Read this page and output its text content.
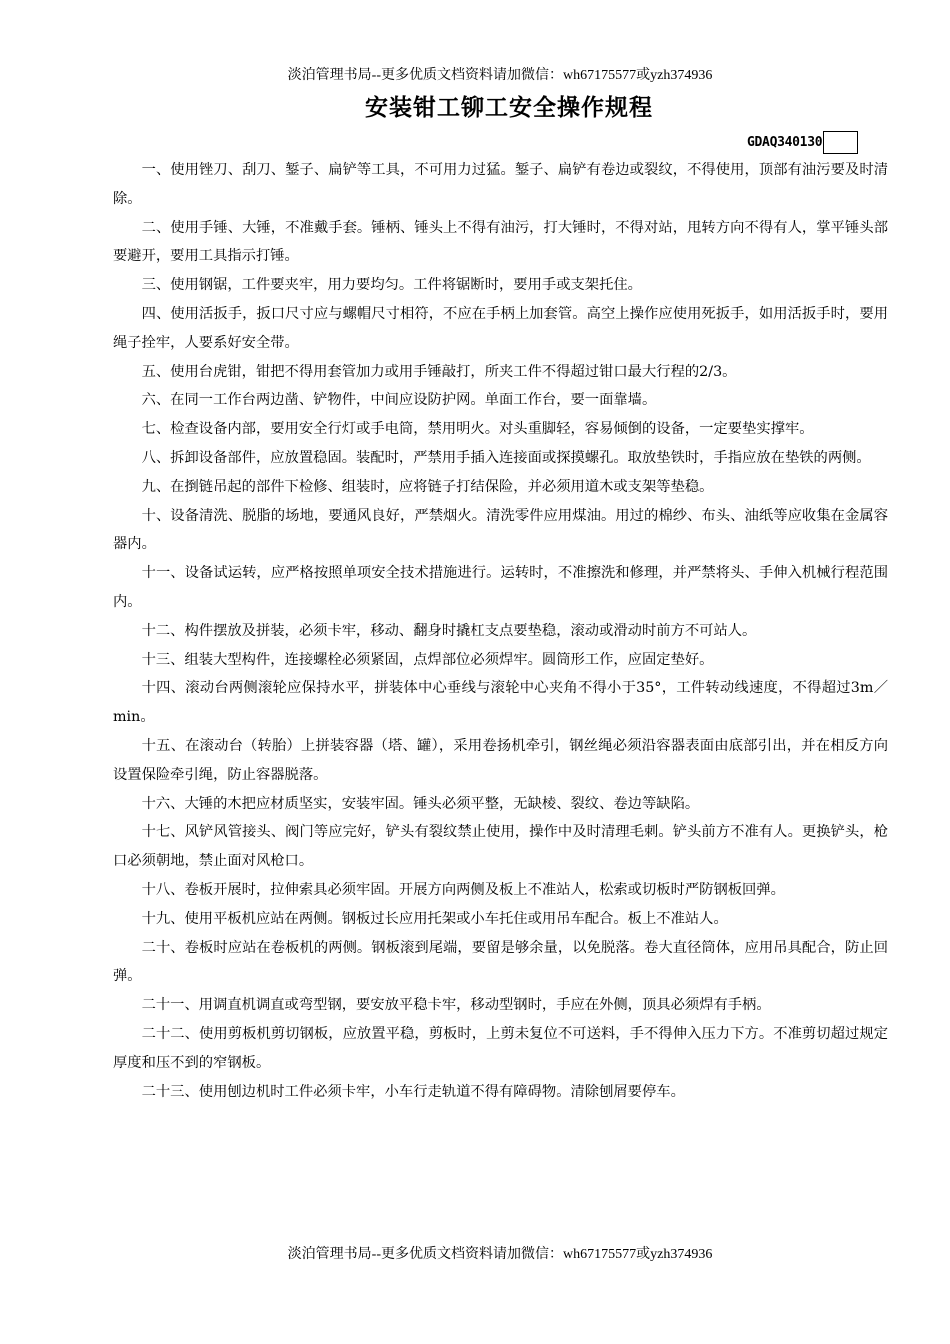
淡泊管理书局--更多优质文档资料请加微信：wh67175577或yzh374936
安装钳工铆工安全操作规程
GDAQ340130

一、使用锉刀、刮刀、錾子、扁铲等工具，不可用力过猛。錾子、扁铲有卷边或裂纹，不得使用，顶部有油污要及时清除。

二、使用手锤、大锤，不准戴手套。锤柄、锤头上不得有油污，打大锤时，不得对站，甩转方向不得有人，掌平锤头部要避开，要用工具指示打锤。

三、使用钢锯，工件要夹牢，用力要均匀。工件将锯断时，要用手或支架托住。

四、使用活扳手，扳口尺寸应与螺帽尺寸相符，不应在手柄上加套管。高空上操作应使用死扳手，如用活扳手时，要用绳子拴牢，人要系好安全带。

五、使用台虎钳，钳把不得用套管加力或用手锤敲打，所夹工件不得超过钳口最大行程的2/3。

六、在同一工作台两边凿、铲物件，中间应设防护网。单面工作台，要一面靠墙。

七、检查设备内部，要用安全行灯或手电筒，禁用明火。对头重脚轻，容易倾倒的设备，一定要垫实撑牢。

八、拆卸设备部件，应放置稳固。装配时，严禁用手插入连接面或探摸螺孔。取放垫铁时，手指应放在垫铁的两侧。

九、在捯链吊起的部件下检修、组装时，应将链子打结保险，并必须用道木或支架等垫稳。

十、设备清洗、脱脂的场地，要通风良好，严禁烟火。清洗零件应用煤油。用过的棉纱、布头、油纸等应收集在金属容器内。

十一、设备试运转，应严格按照单项安全技术措施进行。运转时，不准擦洗和修理，并严禁将头、手伸入机械行程范围内。

十二、构件摆放及拼装，必须卡牢，移动、翻身时撬杠支点要垫稳，滚动或滑动时前方不可站人。

十三、组装大型构件，连接螺栓必须紧固，点焊部位必须焊牢。圆筒形工作，应固定垫好。

十四、滚动台两侧滚轮应保持水平，拼装体中心垂线与滚轮中心夹角不得小于35°，工件转动线速度，不得超过3m／min。

十五、在滚动台（转胎）上拼装容器（塔、罐），采用卷扬机牵引，钢丝绳必须沿容器表面由底部引出，并在相反方向设置保险牵引绳，防止容器脱落。

十六、大锤的木把应材质坚实，安装牢固。锤头必须平整，无缺棱、裂纹、卷边等缺陷。

十七、风铲风管接头、阀门等应完好，铲头有裂纹禁止使用，操作中及时清理毛刺。铲头前方不准有人。更换铲头，枪口必须朝地，禁止面对风枪口。

十八、卷板开展时，拉伸索具必须牢固。开展方向两侧及板上不准站人，松索或切板时严防钢板回弹。

十九、使用平板机应站在两侧。钢板过长应用托架或小车托住或用吊车配合。板上不准站人。

二十、卷板时应站在卷板机的两侧。钢板滚到尾端，要留是够余量，以免脱落。卷大直径筒体，应用吊具配合，防止回弹。

二十一、用调直机调直或弯型钢，要安放平稳卡牢，移动型钢时，手应在外侧，顶具必须焊有手柄。

二十二、使用剪板机剪切钢板，应放置平稳，剪板时，上剪未复位不可送料，手不得伸入压力下方。不准剪切超过规定厚度和压不到的窄钢板。

二十三、使用刨边机时工件必须卡牢，小车行走轨道不得有障碍物。清除刨屑要停车。

淡泊管理书局--更多优质文档资料请加微信：wh67175577或yzh374936
